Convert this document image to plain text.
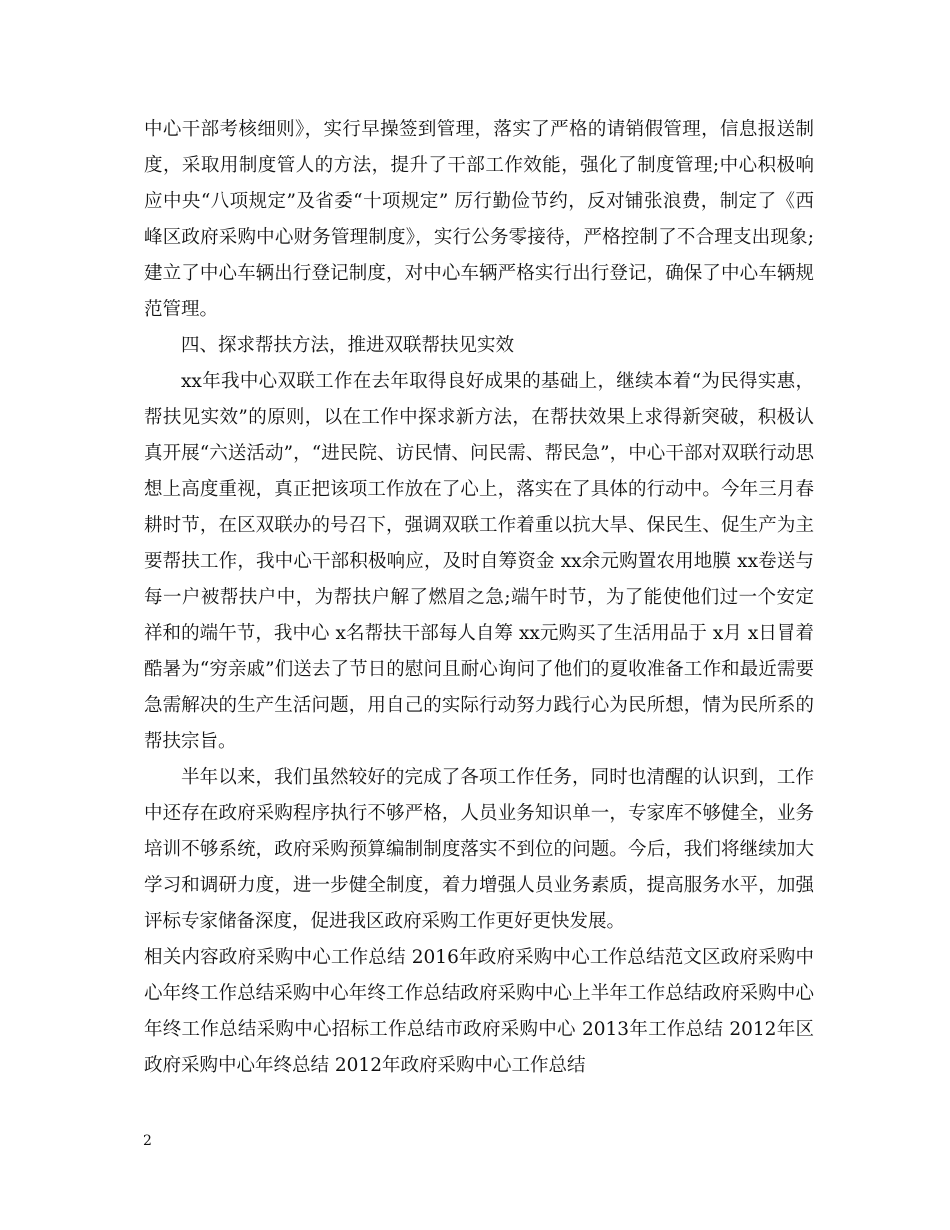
中心干部考核细则》，实行早操签到管理，落实了严格的请销假管理，信息报送制度，采取用制度管人的方法，提升了干部工作效能，强化了制度管理;中心积极响应中央“八项规定”及省委“十项规定” 厉行勤俭节约，反对铺张浪费，制定了《西峰区政府采购中心财务管理制度》，实行公务零接待，严格控制了不合理支出现象;建立了中心车辆出行登记制度，对中心车辆严格实行出行登记，确保了中心车辆规范管理。

四、探求帮扶方法，推进双联帮扶见实效

xx年我中心双联工作在去年取得良好成果的基础上，继续本着“为民得实惠，帮扶见实效”的原则，以在工作中探求新方法，在帮扶效果上求得新突破，积极认真开展“六送活动”，“进民院、访民情、问民需、帮民急”，中心干部对双联行动思想上高度重视，真正把该项工作放在了心上，落实在了具体的行动中。今年三月春耕时节，在区双联办的号召下，强调双联工作着重以抗大旱、保民生、促生产为主要帮扶工作，我中心干部积极响应，及时自筹资金 xx余元购置农用地膜 xx卷送与每一户被帮扶户中，为帮扶户解了燃眉之急;端午时节，为了能使他们过一个安定祥和的端午节，我中心 x名帮扶干部每人自筹 xx元购买了生活用品于 x月 x日冒着酷暑为“穷亲戚”们送去了节日的慰问且耐心询问了他们的夏收准备工作和最近需要急需解决的生产生活问题，用自己的实际行动努力践行心为民所想，情为民所系的帮扶宗旨。

半年以来，我们虽然较好的完成了各项工作任务，同时也清醒的认识到，工作中还存在政府采购程序执行不够严格，人员业务知识单一，专家库不够健全，业务培训不够系统，政府采购预算编制制度落实不到位的问题。今后，我们将继续加大学习和调研力度，进一步健全制度，着力增强人员业务素质，提高服务水平，加强评标专家储备深度，促进我区政府采购工作更好更快发展。

相关内容政府采购中心工作总结 2016年政府采购中心工作总结范文区政府采购中心年终工作总结采购中心年终工作总结政府采购中心上半年工作总结政府采购中心年终工作总结采购中心招标工作总结市政府采购中心 2013年工作总结 2012年区政府采购中心年终总结 2012年政府采购中心工作总结

2
